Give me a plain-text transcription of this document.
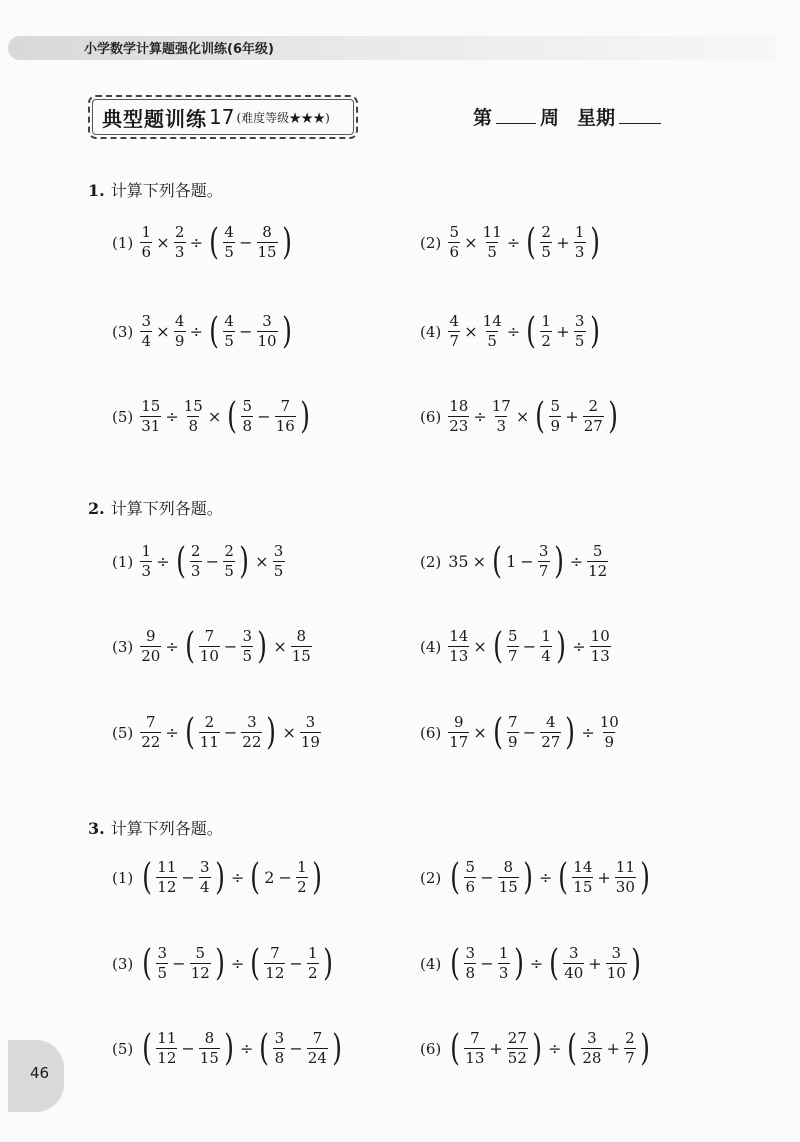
小学数学计算题强化训练(6年级)
典型题训练 17 (难度等级★★★)	第	周 星期
1. 计算下列各题。
2. 计算下列各题。
3. 计算下列各题。
$(1) \frac{1}{6} \times \frac{2}{3}$ ÷ ( $\frac{4}{5} - \frac{8}{15}$ )	$(2) \frac{5}{6} \times \frac{11}{5}$ ÷ ( $\frac{2}{5} + \frac{1}{3}$ )
$(3) \frac{3}{4} \times \frac{4}{9}$ ÷ ( $\frac{4}{5} - \frac{3}{10}$ )	$(4) \frac{4}{7} \times \frac{14}{5}$ ÷ ( $\frac{1}{2} + \frac{3}{5}$ )
$(5) \frac{15}{31} \div \frac{15}{8}$ × ( $\frac{5}{8} - \frac{7}{16}$ )	$(6) \frac{18}{23} \div \frac{17}{3}$ × ( $\frac{5}{9} + \frac{2}{27}$ )
$(1) \frac{1}{3}$ ÷ ( $\frac{2}{3} - \frac{2}{5}$ ) × $\frac{3}{5}$	(2) 35 × ( $1 - \frac{3}{7}$ ) ÷ $\frac{5}{12}$
$(3) \frac{9}{20}$ ÷ ( $\frac{7}{10} - \frac{3}{5}$ ) × $\frac{8}{15}$	$(4) \frac{14}{13}$ × ( $\frac{5}{7} - \frac{1}{4}$ ) ÷ $\frac{10}{13}$
$(5) \frac{7}{22}$ ÷ ( $\frac{2}{11} - \frac{3}{22}$ ) × $\frac{3}{19}$	$(6) \frac{9}{17}$ × ( $\frac{7}{9} - \frac{4}{27}$ ) ÷ $\frac{10}{9}$
(1) ( $\frac{11}{12} - \frac{3}{4}$ ) ÷ ( $2 - \frac{1}{2}$ )	(2) ( $\frac{5}{6} - \frac{8}{15}$ ) ÷ ( $\frac{14}{15} + \frac{11}{30}$ )
(3) ( $\frac{3}{5} - \frac{5}{12}$ ) ÷ ( $\frac{7}{12} - \frac{1}{2}$ )	(4) ( $\frac{3}{8} - \frac{1}{3}$ ) ÷ ( $\frac{3}{40} + \frac{3}{10}$ )
(5) ( $\frac{11}{12} - \frac{8}{15}$ ) ÷ ( $\frac{3}{8} - \frac{7}{24}$ )	(6) ( $\frac{7}{13} + \frac{27}{52}$ ) ÷ ( $\frac{3}{28} + \frac{2}{7}$ )
46
